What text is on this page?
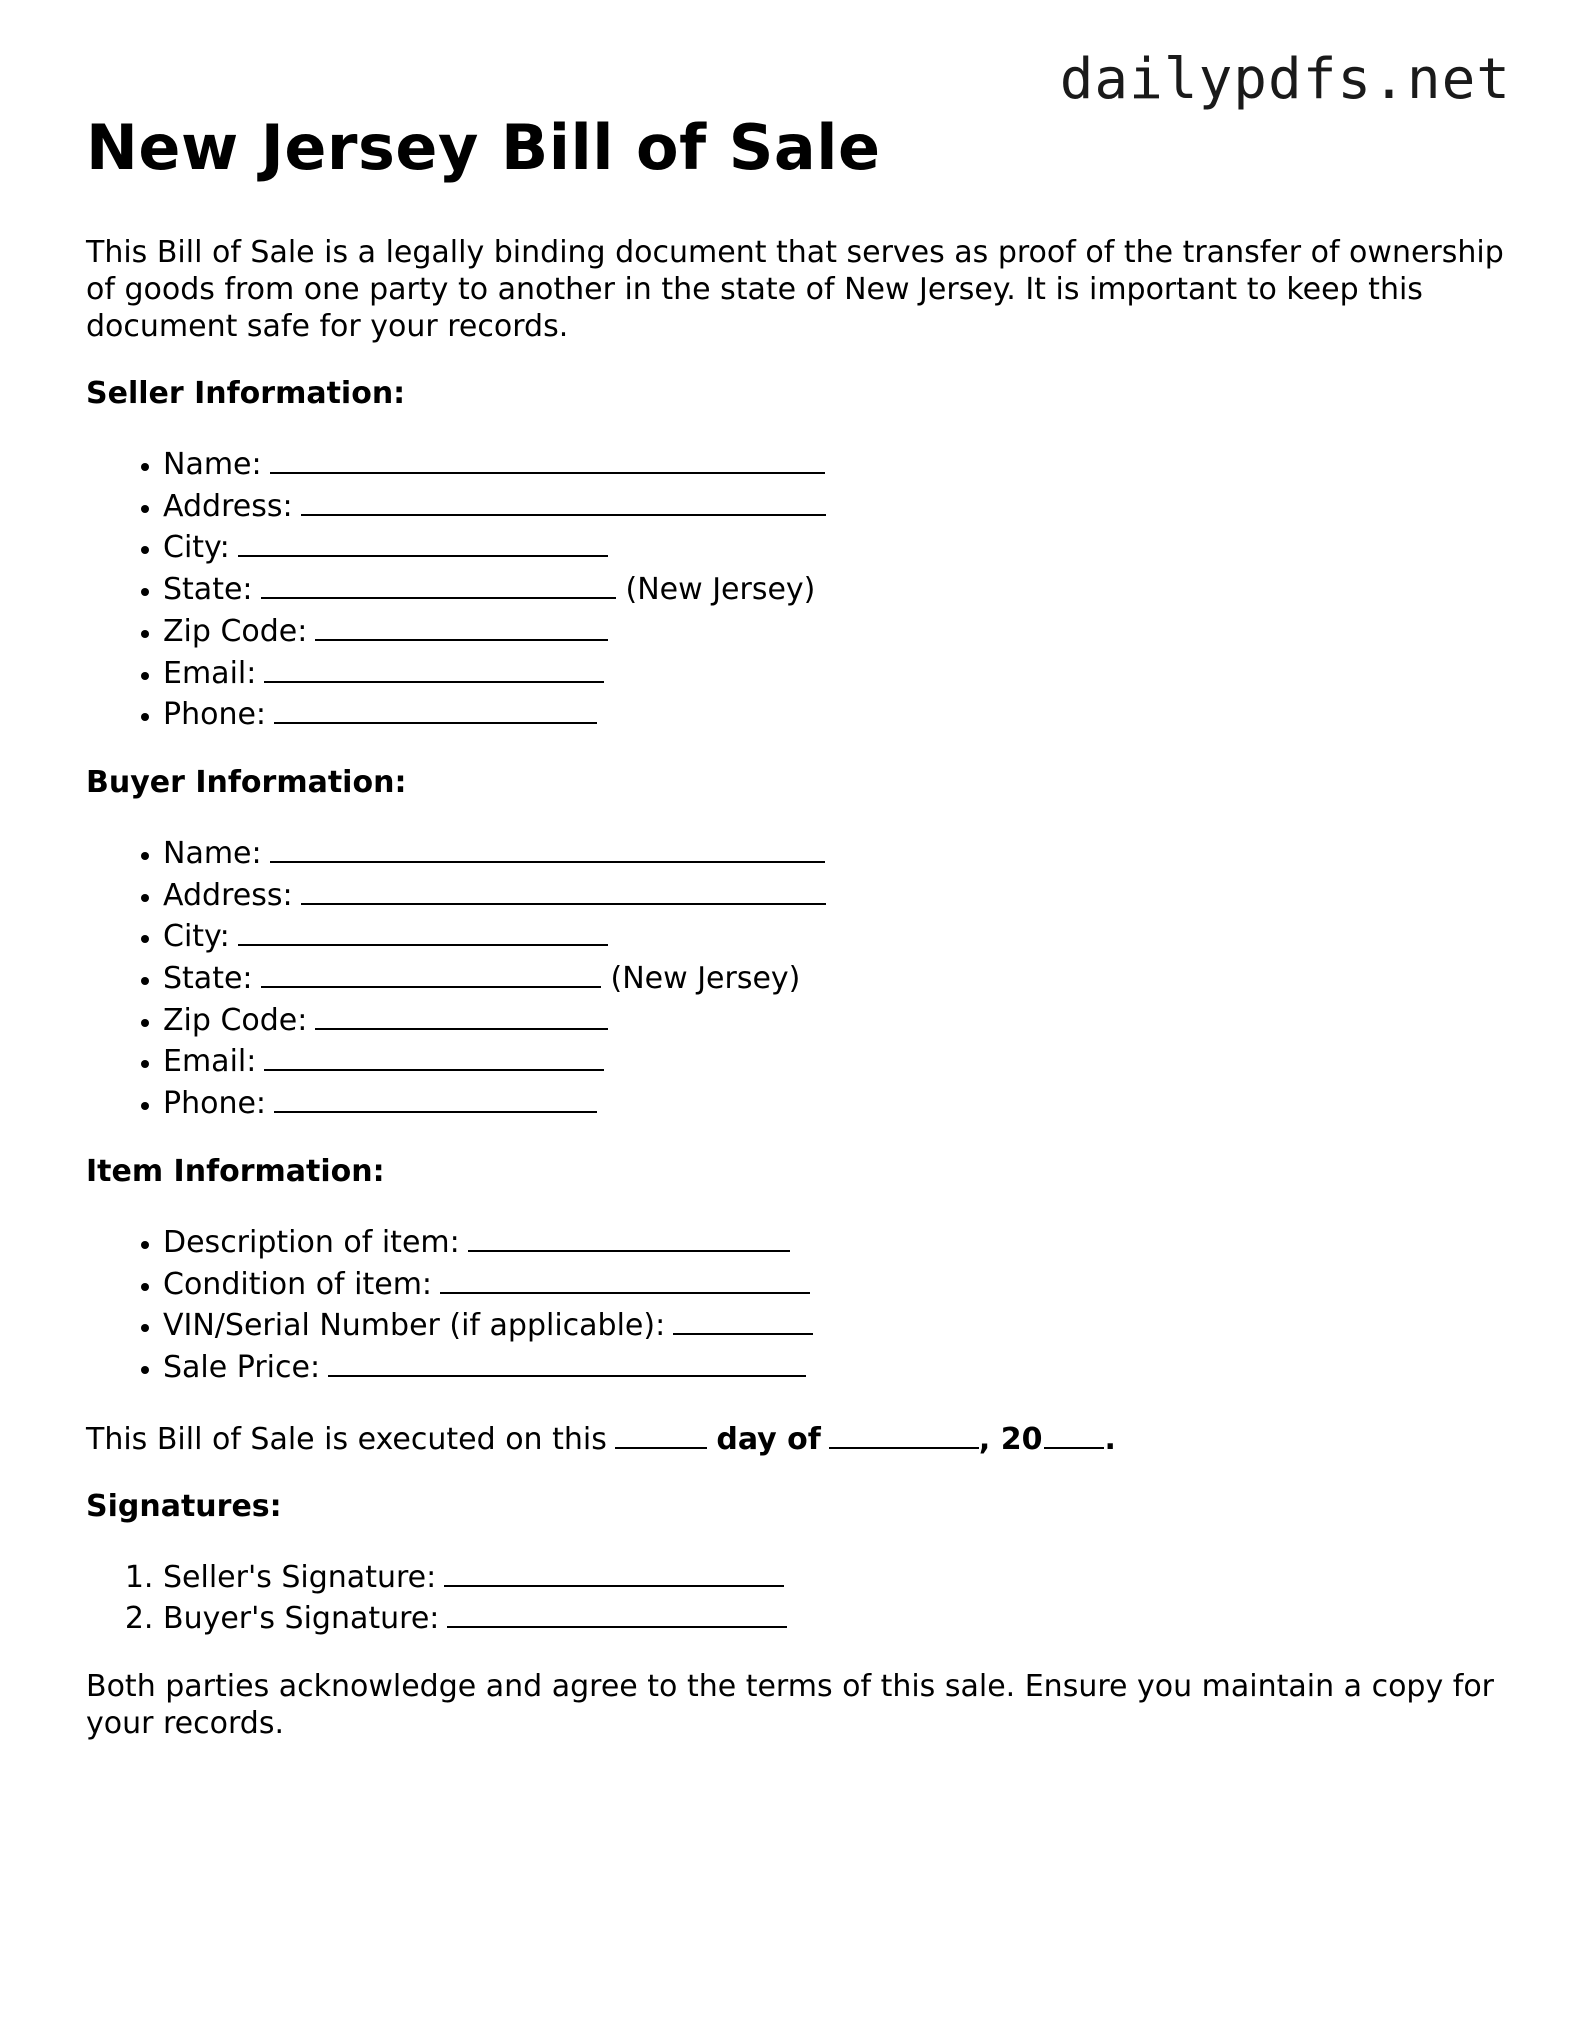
dailypdfs.net
New Jersey Bill of Sale

This Bill of Sale is a legally binding document that serves as proof of the transfer of ownership of goods from one party to another in the state of New Jersey. It is important to keep this document safe for your records.

Seller Information:
• Name:
• Address:
• City:
• State:	(New Jersey)
• Zip Code:
• Email:
• Phone:
Buyer Information:
• Name:
• Address:
• City:
• State:	(New Jersey)
• Zip Code:
• Email:
• Phone:
Item Information:
• Description of item:
• Condition of item:
• VIN/Serial Number (if applicable):
• Sale Price:

This Bill of Sale is executed on this	day of	, 20 .

Signatures:
1. Seller's Signature:
2. Buyer's Signature:

Both parties acknowledge and agree to the terms of this sale. Ensure you maintain a copy for your records.
